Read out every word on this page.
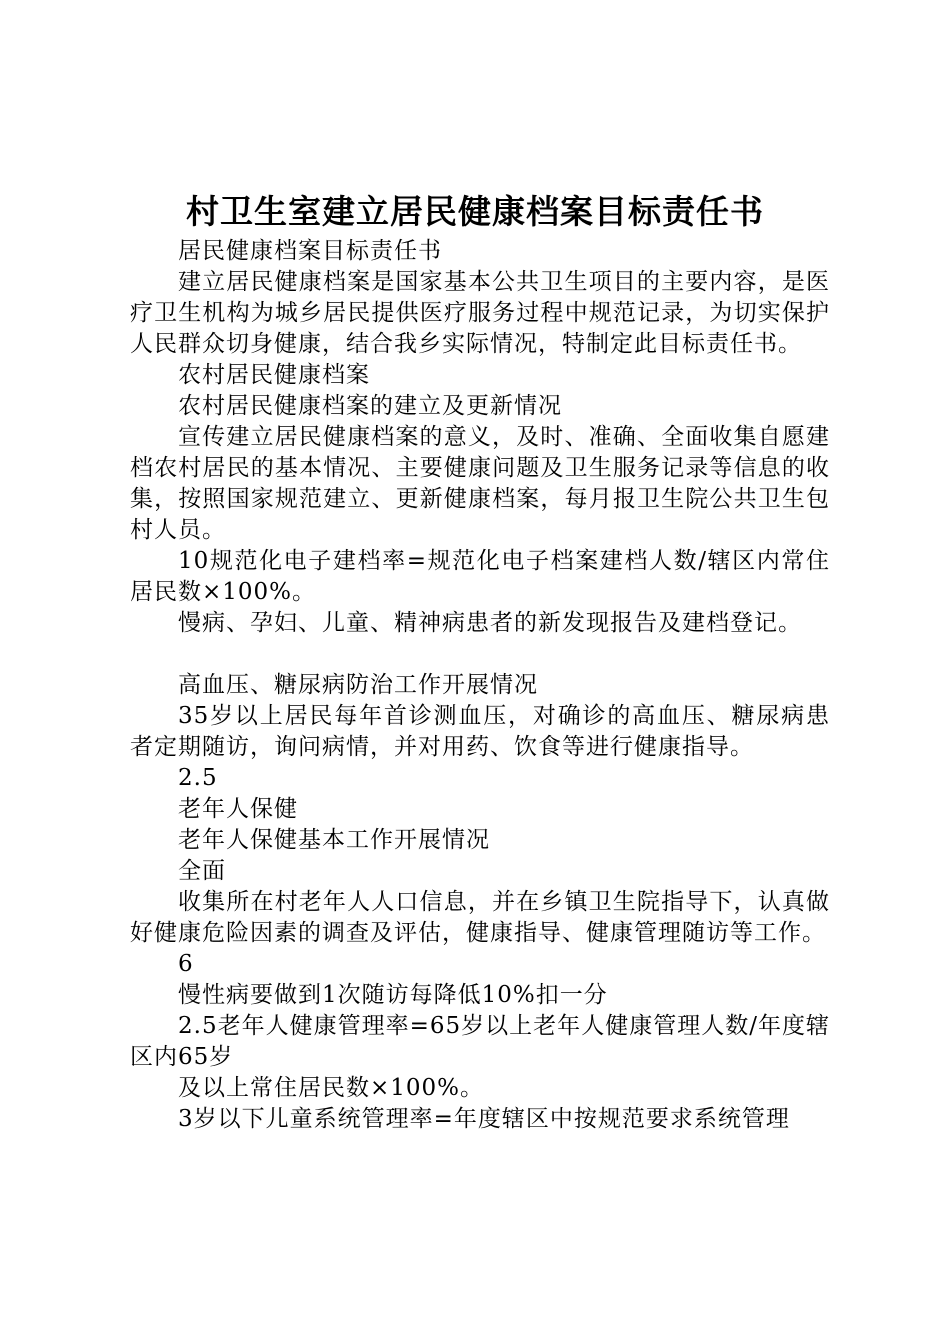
村卫生室建立居民健康档案目标责任书

居民健康档案目标责任书

建立居民健康档案是国家基本公共卫生项目的主要内容，是医疗卫生机构为城乡居民提供医疗服务过程中规范记录，为切实保护人民群众切身健康，结合我乡实际情况，特制定此目标责任书。

农村居民健康档案

农村居民健康档案的建立及更新情况

宣传建立居民健康档案的意义，及时、准确、全面收集自愿建档农村居民的基本情况、主要健康问题及卫生服务记录等信息的收集，按照国家规范建立、更新健康档案，每月报卫生院公共卫生包村人员。

10规范化电子建档率=规范化电子档案建档人数/辖区内常住居民数×100%。

慢病、孕妇、儿童、精神病患者的新发现报告及建档登记。

高血压、糖尿病防治工作开展情况

35岁以上居民每年首诊测血压，对确诊的高血压、糖尿病患者定期随访，询问病情，并对用药、饮食等进行健康指导。

2.5

老年人保健

老年人保健基本工作开展情况

全面

收集所在村老年人人口信息，并在乡镇卫生院指导下，认真做好健康危险因素的调查及评估，健康指导、健康管理随访等工作。

6

慢性病要做到1次随访每降低10%扣一分

2.5老年人健康管理率=65岁以上老年人健康管理人数/年度辖区内65岁

及以上常住居民数×100%。

3岁以下儿童系统管理率=年度辖区中按规范要求系统管理
